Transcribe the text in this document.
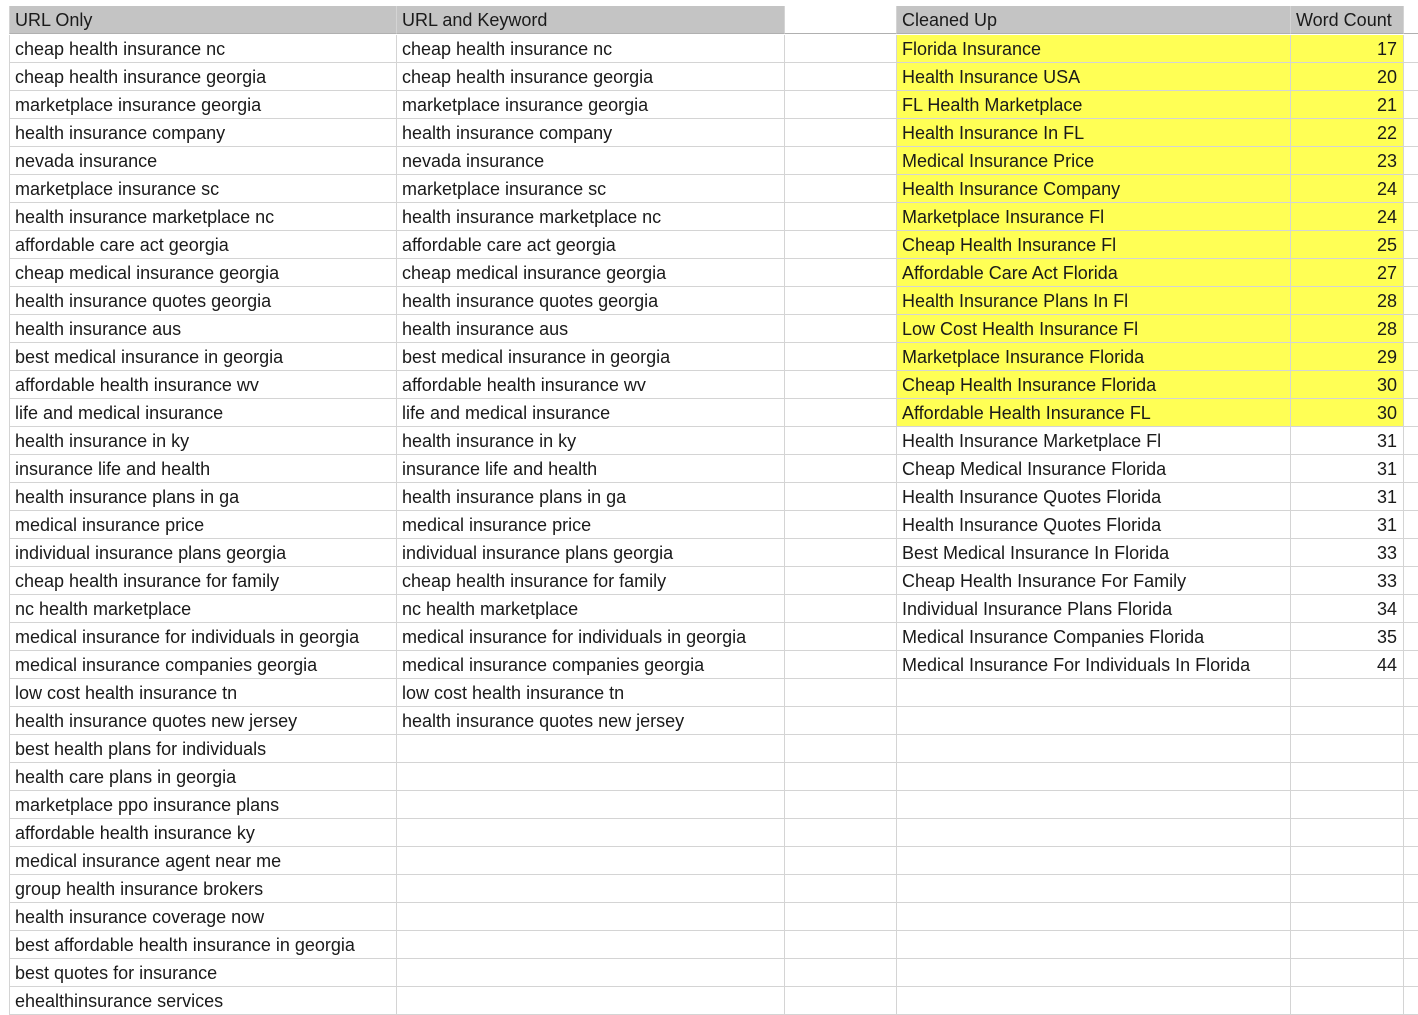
URL Only	URL and Keyword	Cleaned Up	Word Count
cheap health insurance nc	cheap health insurance nc	Florida Insurance	17
cheap health insurance georgia	cheap health insurance georgia	Health Insurance USA	20
marketplace insurance georgia	marketplace insurance georgia	FL Health Marketplace	21
health insurance company	health insurance company	Health Insurance In FL	22
nevada insurance	nevada insurance	Medical Insurance Price	23
marketplace insurance sc	marketplace insurance sc	Health Insurance Company	24
health insurance marketplace nc	health insurance marketplace nc	Marketplace Insurance Fl	24
affordable care act georgia	affordable care act georgia	Cheap Health Insurance Fl	25
cheap medical insurance georgia	cheap medical insurance georgia	Affordable Care Act Florida	27
health insurance quotes georgia	health insurance quotes georgia	Health Insurance Plans In Fl	28
health insurance aus	health insurance aus	Low Cost Health Insurance Fl	28
best medical insurance in georgia	best medical insurance in georgia	Marketplace Insurance Florida	29
affordable health insurance wv	affordable health insurance wv	Cheap Health Insurance Florida	30
life and medical insurance	life and medical insurance	Affordable Health Insurance FL	30
health insurance in ky	health insurance in ky	Health Insurance Marketplace Fl	31
insurance life and health	insurance life and health	Cheap Medical Insurance Florida	31
health insurance plans in ga	health insurance plans in ga	Health Insurance Quotes Florida	31
medical insurance price	medical insurance price	Health Insurance Quotes Florida	31
individual insurance plans georgia	individual insurance plans georgia	Best Medical Insurance In Florida	33
cheap health insurance for family	cheap health insurance for family	Cheap Health Insurance For Family	33
nc health marketplace	nc health marketplace	Individual Insurance Plans Florida	34
medical insurance for individuals in georgia	medical insurance for individuals in georgia	Medical Insurance Companies Florida	35
medical insurance companies georgia	medical insurance companies georgia	Medical Insurance For Individuals In Florida	44
low cost health insurance tn	low cost health insurance tn
health insurance quotes new jersey	health insurance quotes new jersey
best health plans for individuals
health care plans in georgia
marketplace ppo insurance plans
affordable health insurance ky
medical insurance agent near me
group health insurance brokers
health insurance coverage now
best affordable health insurance in georgia
best quotes for insurance
ehealthinsurance services
